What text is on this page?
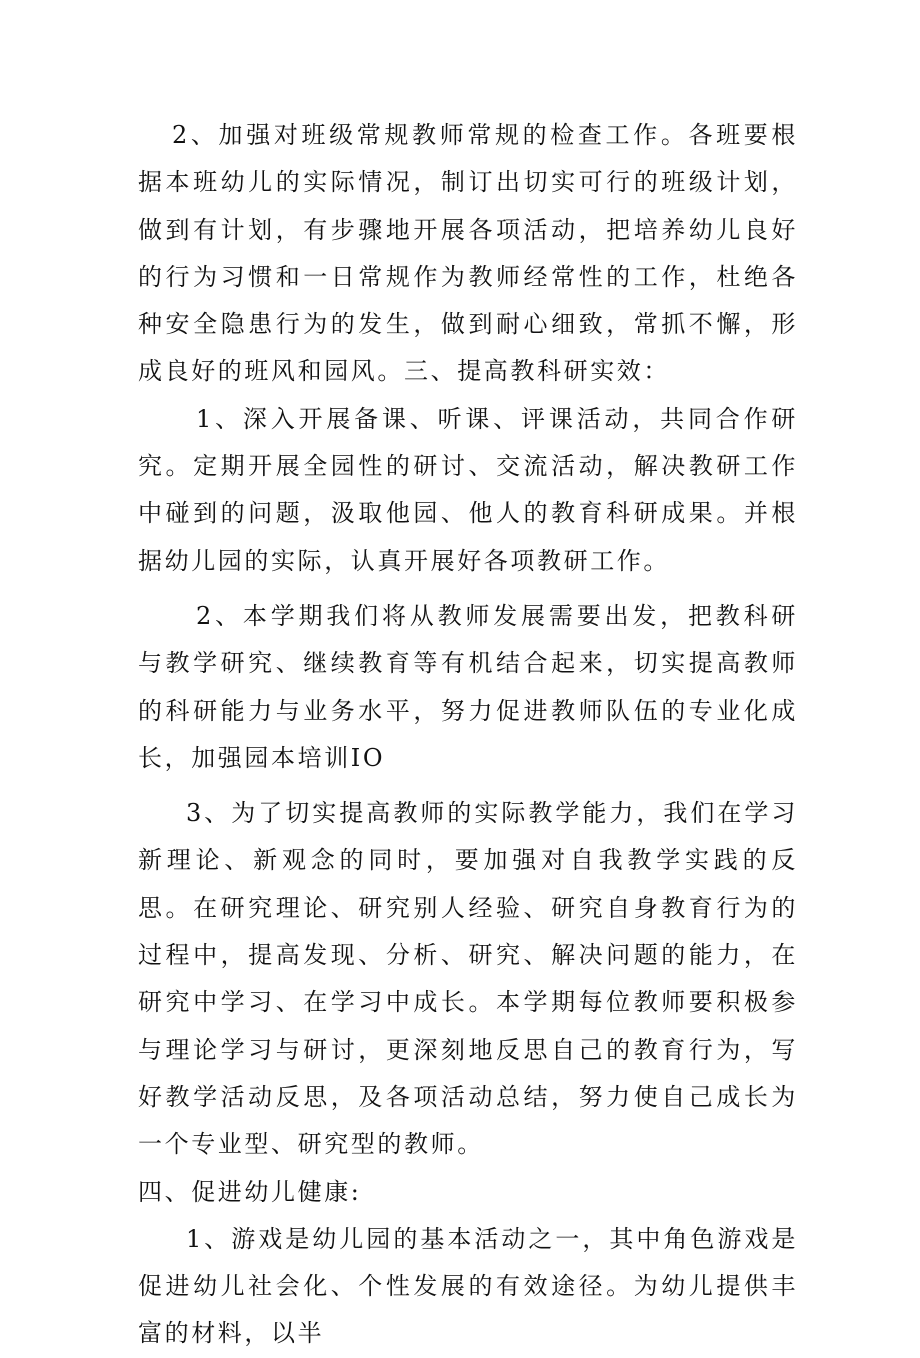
2、加强对班级常规教师常规的检查工作。各班要根据本班幼儿的实际情况，制订出切实可行的班级计划，做到有计划，有步骤地开展各项活动，把培养幼儿良好的行为习惯和一日常规作为教师经常性的工作，杜绝各种安全隐患行为的发生，做到耐心细致，常抓不懈，形成良好的班风和园风。三、提高教科研实效：

1、深入开展备课、听课、评课活动，共同合作研究。定期开展全园性的研讨、交流活动，解决教研工作中碰到的问题，汲取他园、他人的教育科研成果。并根据幼儿园的实际，认真开展好各项教研工作。

2、本学期我们将从教师发展需要出发，把教科研与教学研究、继续教育等有机结合起来，切实提高教师的科研能力与业务水平，努力促进教师队伍的专业化成长，加强园本培训IO

3、为了切实提高教师的实际教学能力，我们在学习新理论、新观念的同时，要加强对自我教学实践的反思。在研究理论、研究别人经验、研究自身教育行为的过程中，提高发现、分析、研究、解决问题的能力，在研究中学习、在学习中成长。本学期每位教师要积极参与理论学习与研讨，更深刻地反思自己的教育行为，写好教学活动反思，及各项活动总结，努力使自己成长为一个专业型、研究型的教师。

四、促进幼儿健康:

1、游戏是幼儿园的基本活动之一，其中角色游戏是促进幼儿社会化、个性发展的有效途径。为幼儿提供丰富的材料，以半
